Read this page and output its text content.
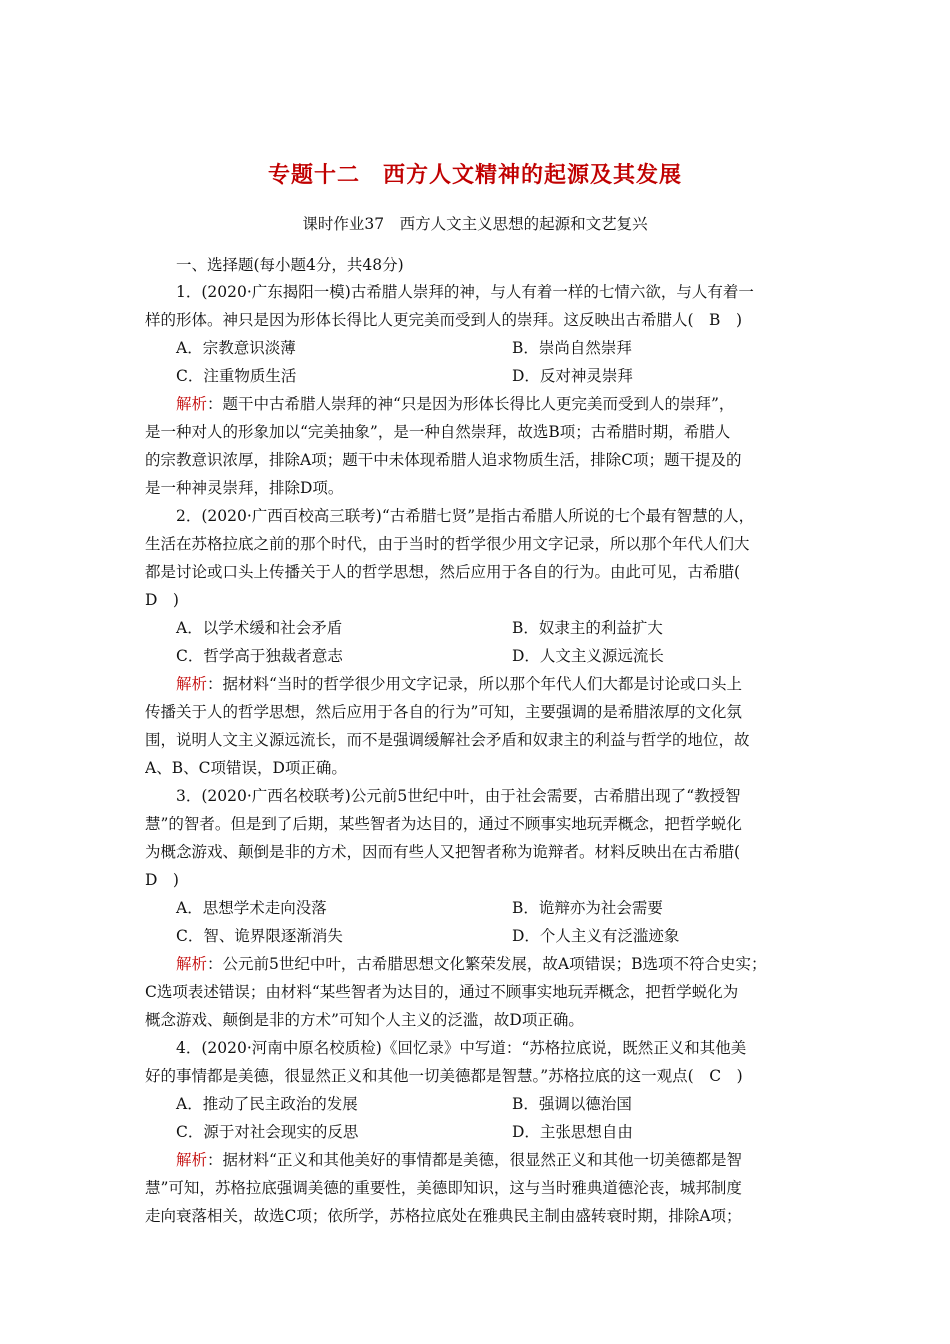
专题十二　西方人文精神的起源及其发展
课时作业37　西方人文主义思想的起源和文艺复兴
一、选择题(每小题4分，共48分)
1．(2020·广东揭阳一模)古希腊人崇拜的神，与人有着一样的七情六欲，与人有着一
样的形体。神只是因为形体长得比人更完美而受到人的崇拜。这反映出古希腊人(　B　)
A．宗教意识淡薄	B．崇尚自然崇拜
C．注重物质生活	D．反对神灵崇拜
解析：题干中古希腊人崇拜的神“只是因为形体长得比人更完美而受到人的崇拜”，
是一种对人的形象加以“完美抽象”，是一种自然崇拜，故选B项；古希腊时期，希腊人
的宗教意识浓厚，排除A项；题干中未体现希腊人追求物质生活，排除C项；题干提及的
是一种神灵崇拜，排除D项。
2．(2020·广西百校高三联考)“古希腊七贤”是指古希腊人所说的七个最有智慧的人，
生活在苏格拉底之前的那个时代，由于当时的哲学很少用文字记录，所以那个年代人们大
都是讨论或口头上传播关于人的哲学思想，然后应用于各自的行为。由此可见，古希腊(
D　)
A．以学术缓和社会矛盾	B．奴隶主的利益扩大
C．哲学高于独裁者意志	D．人文主义源远流长
解析：据材料“当时的哲学很少用文字记录，所以那个年代人们大都是讨论或口头上
传播关于人的哲学思想，然后应用于各自的行为”可知，主要强调的是希腊浓厚的文化氛
围，说明人文主义源远流长，而不是强调缓解社会矛盾和奴隶主的利益与哲学的地位，故
A、B、C项错误，D项正确。
3．(2020·广西名校联考)公元前5世纪中叶，由于社会需要，古希腊出现了“教授智
慧”的智者。但是到了后期，某些智者为达目的，通过不顾事实地玩弄概念，把哲学蜕化
为概念游戏、颠倒是非的方术，因而有些人又把智者称为诡辩者。材料反映出在古希腊(
D　)
A．思想学术走向没落	B．诡辩亦为社会需要
C．智、诡界限逐渐消失	D．个人主义有泛滥迹象
解析：公元前5世纪中叶，古希腊思想文化繁荣发展，故A项错误；B选项不符合史实；
C选项表述错误；由材料“某些智者为达目的，通过不顾事实地玩弄概念，把哲学蜕化为
概念游戏、颠倒是非的方术”可知个人主义的泛滥，故D项正确。
4．(2020·河南中原名校质检)《回忆录》中写道：“苏格拉底说，既然正义和其他美
好的事情都是美德，很显然正义和其他一切美德都是智慧。”苏格拉底的这一观点(　C　)
A．推动了民主政治的发展	B．强调以德治国
C．源于对社会现实的反思	D．主张思想自由
解析：据材料“正义和其他美好的事情都是美德，很显然正义和其他一切美德都是智
慧”可知，苏格拉底强调美德的重要性，美德即知识，这与当时雅典道德沦丧，城邦制度
走向衰落相关，故选C项；依所学，苏格拉底处在雅典民主制由盛转衰时期，排除A项；
